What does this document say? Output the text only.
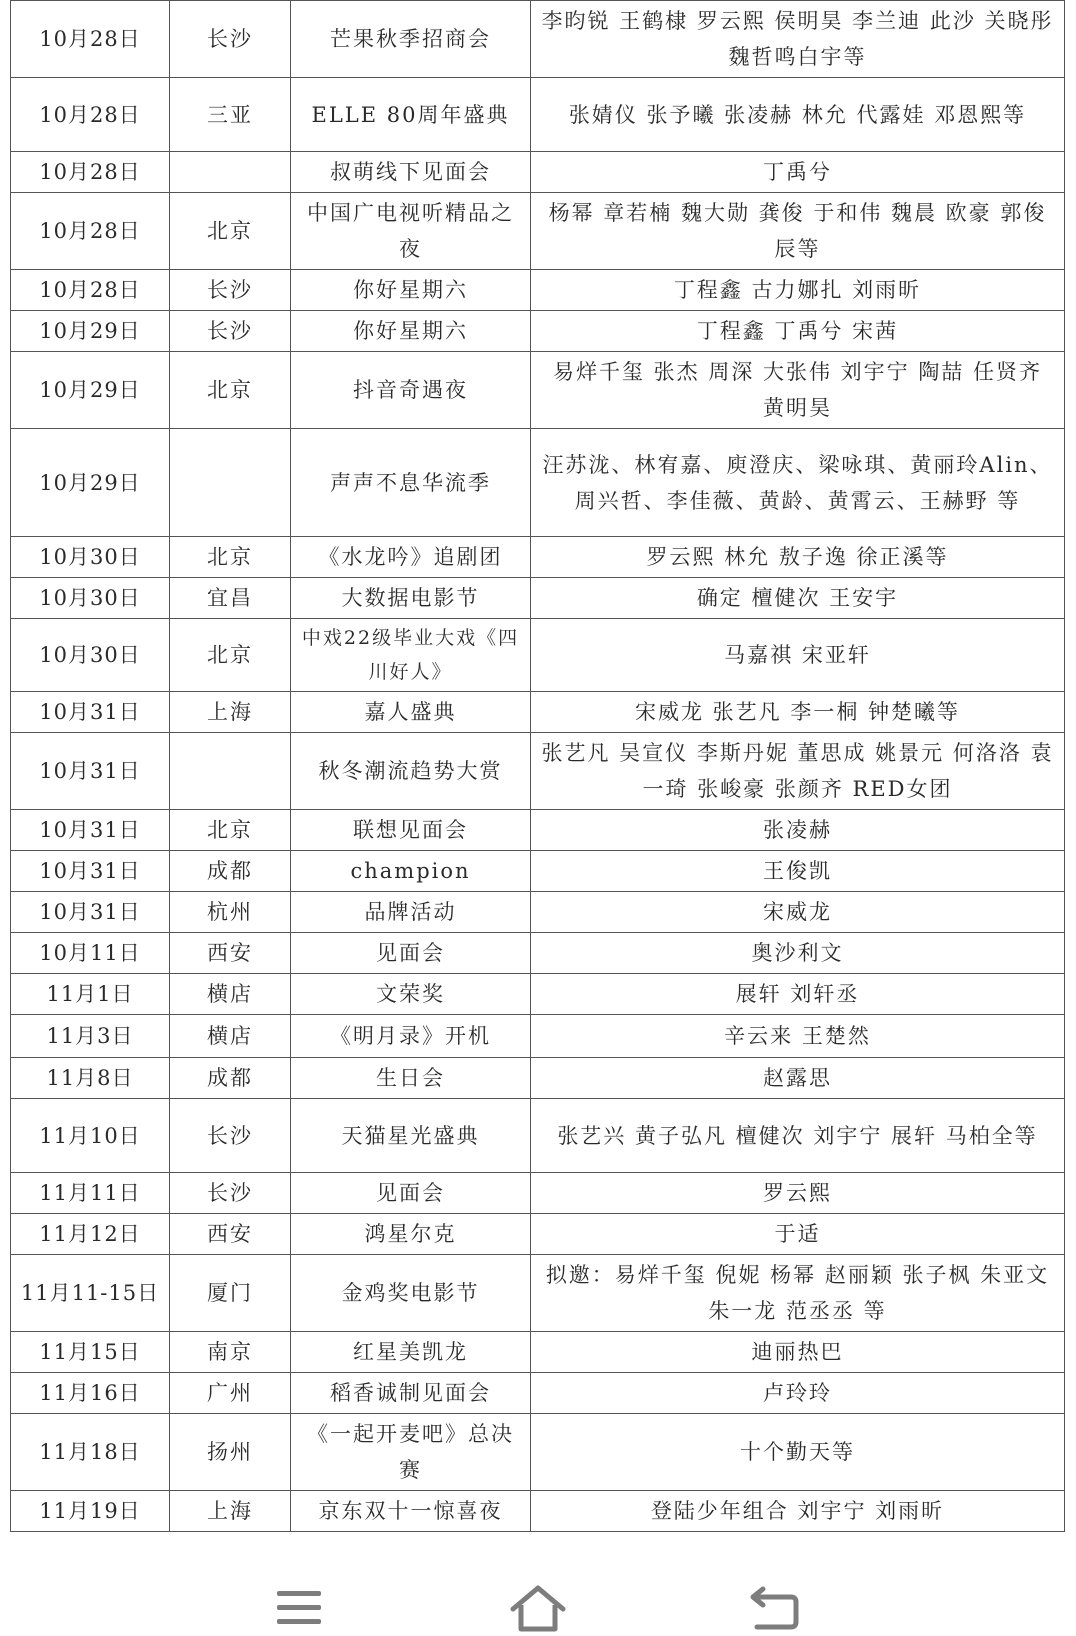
10月28日	长沙	芒果秋季招商会	李昀锐 王鹤棣 罗云熙 侯明昊 李兰迪 此沙 关晓彤 魏哲鸣白宇等
10月28日	三亚	ELLE 80周年盛典	张婧仪 张予曦 张凌赫 林允 代露娃 邓恩熙等
10月28日		叔萌线下见面会	丁禹兮
10月28日	北京	中国广电视听精品之夜	杨幂 章若楠 魏大勋 龚俊 于和伟 魏晨 欧豪 郭俊辰等
10月28日	长沙	你好星期六	丁程鑫 古力娜扎 刘雨昕
10月29日	长沙	你好星期六	丁程鑫 丁禹兮 宋茜
10月29日	北京	抖音奇遇夜	易烊千玺 张杰 周深 大张伟 刘宇宁 陶喆 任贤齐 黄明昊
10月29日		声声不息华流季	汪苏泷、林宥嘉、庾澄庆、梁咏琪、黄丽玲Alin、周兴哲、李佳薇、黄龄、黄霄云、王赫野 等
10月30日	北京	《水龙吟》追剧团	罗云熙 林允 敖子逸 徐正溪等
10月30日	宜昌	大数据电影节	确定 檀健次 王安宇
10月30日	北京	中戏22级毕业大戏《四川好人》	马嘉祺 宋亚轩
10月31日	上海	嘉人盛典	宋威龙 张艺凡 李一桐 钟楚曦等
10月31日		秋冬潮流趋势大赏	张艺凡 吴宣仪 李斯丹妮 董思成 姚景元 何洛洛 袁一琦 张峻豪 张颜齐 RED女团
10月31日	北京	联想见面会	张凌赫
10月31日	成都	champion	王俊凯
10月31日	杭州	品牌活动	宋威龙
10月11日	西安	见面会	奥沙利文
11月1日	横店	文荣奖	展轩 刘轩丞
11月3日	横店	《明月录》开机	辛云来 王楚然
11月8日	成都	生日会	赵露思
11月10日	长沙	天猫星光盛典	张艺兴 黄子弘凡 檀健次 刘宇宁 展轩 马柏全等
11月11日	长沙	见面会	罗云熙
11月12日	西安	鸿星尔克	于适
11月11-15日	厦门	金鸡奖电影节	拟邀：易烊千玺 倪妮 杨幂 赵丽颖 张子枫 朱亚文 朱一龙 范丞丞 等
11月15日	南京	红星美凯龙	迪丽热巴
11月16日	广州	稻香诚制见面会	卢玲玲
11月18日	扬州	《一起开麦吧》总决赛	十个勤天等
11月19日	上海	京东双十一惊喜夜	登陆少年组合 刘宇宁 刘雨昕
